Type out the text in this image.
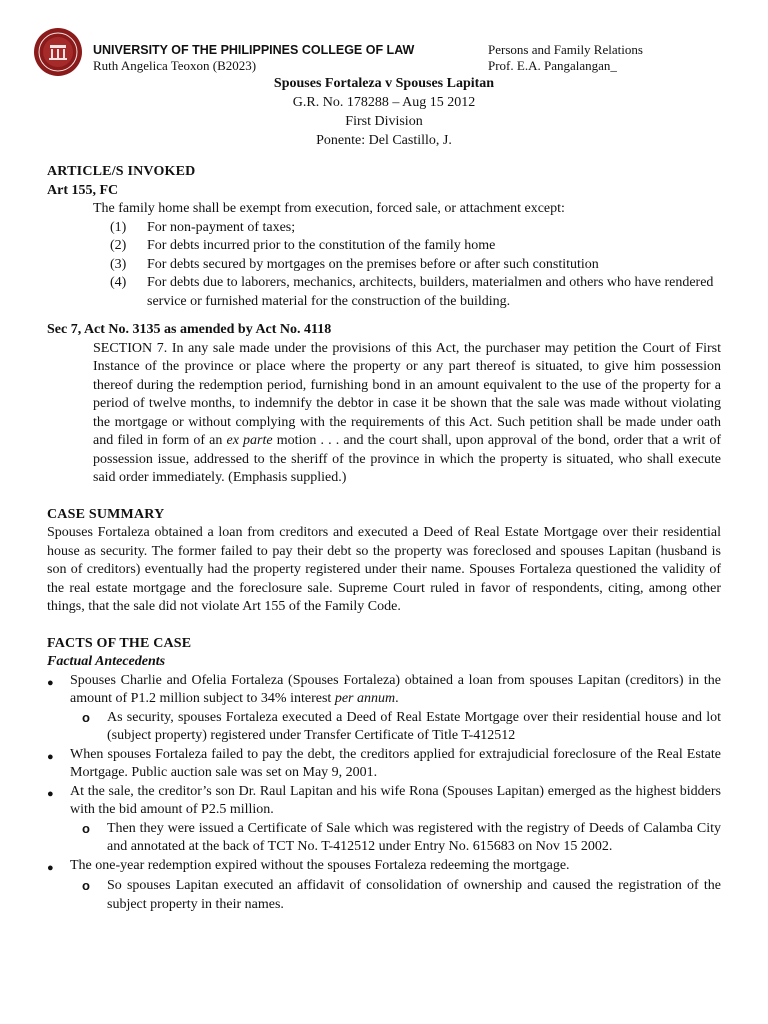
UNIVERSITY OF THE PHILIPPINES COLLEGE OF LAW
Ruth Angelica Teoxon (B2023)
Persons and Family Relations
Prof. E.A. Pangalangan_
Spouses Fortaleza v Spouses Lapitan
G.R. No. 178288 – Aug 15 2012
First Division
Ponente: Del Castillo, J.
ARTICLE/S INVOKED
Art 155, FC

The family home shall be exempt from execution, forced sale, or attachment except:

(1)	For non-payment of taxes;
(2)	For debts incurred prior to the constitution of the family home
(3)	For debts secured by mortgages on the premises before or after such constitution
(4)	For debts due to laborers, mechanics, architects, builders, materialmen and others who have rendered service or furnished material for the construction of the building.
Sec 7, Act No. 3135 as amended by Act No. 4118

SECTION 7. In any sale made under the provisions of this Act, the purchaser may petition the Court of First Instance of the province or place where the property or any part thereof is situated, to give him possession thereof during the redemption period, furnishing bond in an amount equivalent to the use of the property for a period of twelve months, to indemnify the debtor in case it be shown that the sale was made without violating the mortgage or without complying with the requirements of this Act. Such petition shall be made under oath and filed in form of an ex parte motion . . . and the court shall, upon approval of the bond, order that a writ of possession issue, addressed to the sheriff of the province in which the property is situated, who shall execute said order immediately. (Emphasis supplied.)

CASE SUMMARY

Spouses Fortaleza obtained a loan from creditors and executed a Deed of Real Estate Mortgage over their residential house as security. The former failed to pay their debt so the property was foreclosed and spouses Lapitan (husband is son of creditors) eventually had the property registered under their name. Spouses Fortaleza questioned the validity of the real estate mortgage and the foreclosure sale. Supreme Court ruled in favor of respondents, citing, among other things, that the sale did not violate Art 155 of the Family Code.

FACTS OF THE CASE
Factual Antecedents
●	Spouses Charlie and Ofelia Fortaleza (Spouses Fortaleza) obtained a loan from spouses Lapitan (creditors) in the amount of P1.2 million subject to 34% interest per annum.
o	As security, spouses Fortaleza executed a Deed of Real Estate Mortgage over their residential house and lot (subject property) registered under Transfer Certificate of Title T-412512
●	When spouses Fortaleza failed to pay the debt, the creditors applied for extrajudicial foreclosure of the Real Estate Mortgage. Public auction sale was set on May 9, 2001.
●	At the sale, the creditor’s son Dr. Raul Lapitan and his wife Rona (Spouses Lapitan) emerged as the highest bidders with the bid amount of P2.5 million.
o	Then they were issued a Certificate of Sale which was registered with the registry of Deeds of Calamba City and annotated at the back of TCT No. T-412512 under Entry No. 615683 on Nov 15 2002.
●	The one-year redemption expired without the spouses Fortaleza redeeming the mortgage.
o	So spouses Lapitan executed an affidavit of consolidation of ownership and caused the registration of the subject property in their names.
